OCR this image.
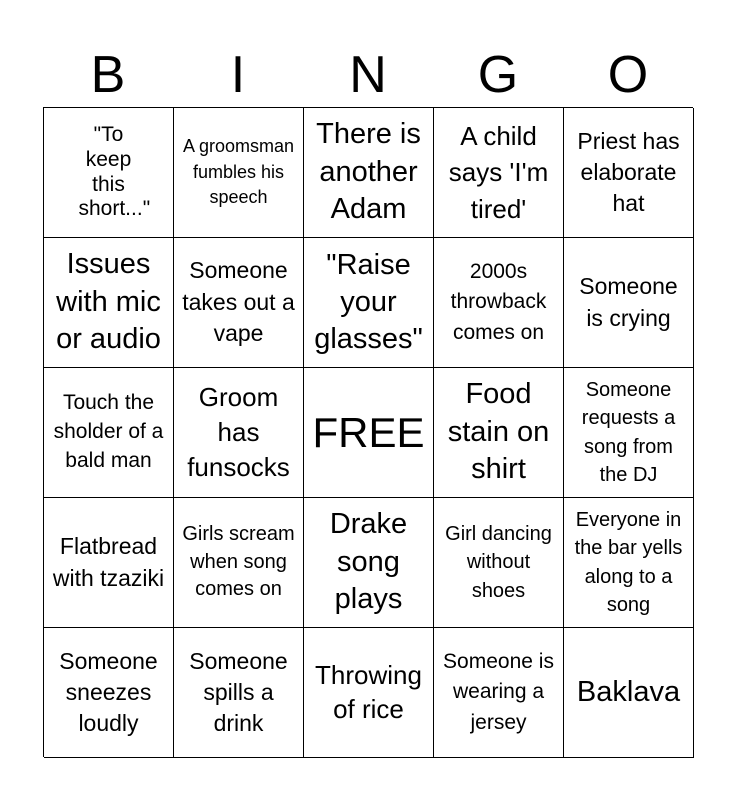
B	I	N	G	O
"To keep this short..."
A groomsman fumbles his speech
There is another Adam
A child says 'I'm tired'
Priest has elaborate hat
Issues with mic or audio
Someone takes out a vape
"Raise your glasses"
2000s throwback comes on
Someone is crying
Touch the sholder of a bald man
Groom has funsocks
FREE
Food stain on shirt
Someone requests a song from the DJ
Flatbread with tzaziki
Girls scream when song comes on
Drake song plays
Girl dancing without shoes
Everyone in the bar yells along to a song
Someone sneezes loudly
Someone spills a drink
Throwing of rice
Someone is wearing a jersey
Baklava
